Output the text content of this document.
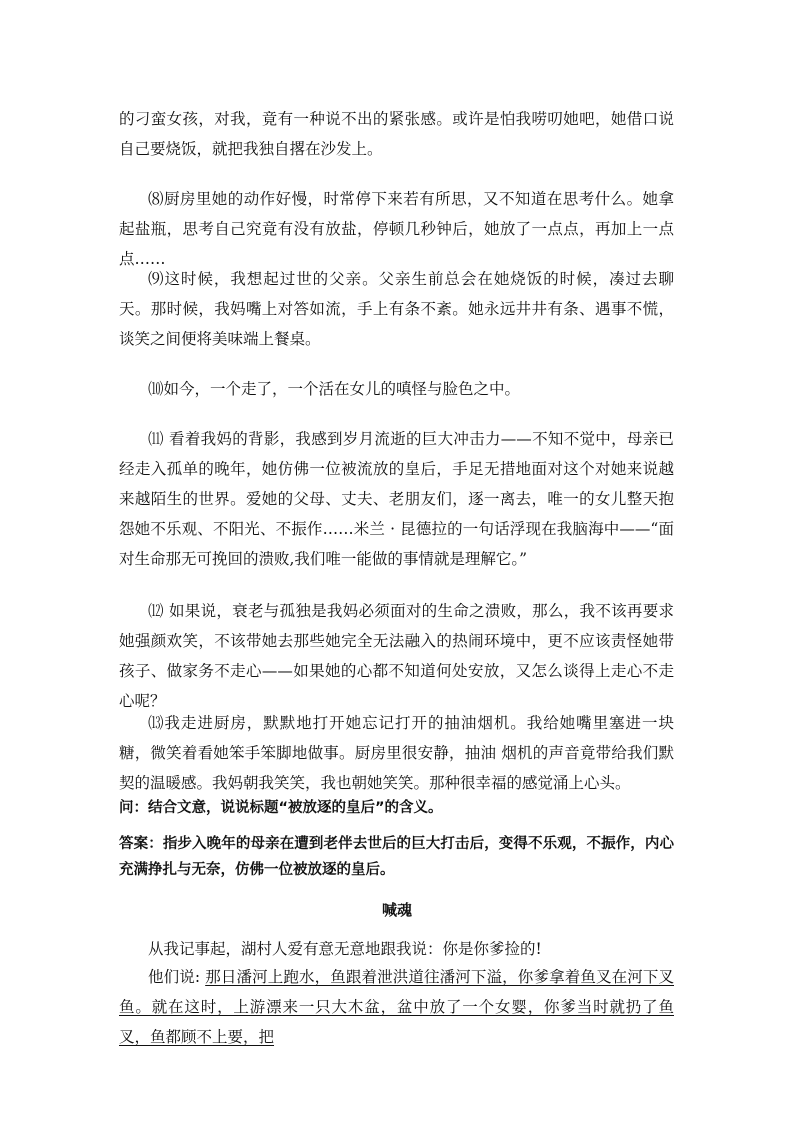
的刁蛮女孩，对我，竟有一种说不出的紧张感。或许是怕我唠叨她吧，她借口说自己要烧饭，就把我独自撂在沙发上。

⑻厨房里她的动作好慢，时常停下来若有所思，又不知道在思考什么。她拿起盐瓶，思考自己究竟有没有放盐，停顿几秒钟后，她放了一点点，再加上一点点……

⑼这时候，我想起过世的父亲。父亲生前总会在她烧饭的时候，凑过去聊天。那时候，我妈嘴上对答如流，手上有条不紊。她永远井井有条、遇事不慌，谈笑之间便将美味端上餐桌。

⑽如今，一个走了，一个活在女儿的嗔怪与脸色之中。

⑾ 看着我妈的背影，我感到岁月流逝的巨大冲击力——不知不觉中，母亲已经走入孤单的晚年，她仿佛一位被流放的皇后，手足无措地面对这个对她来说越来越陌生的世界。爱她的父母、丈夫、老朋友们，逐一离去，唯一的女儿整天抱怨她不乐观、不阳光、不振作……米兰 · 昆德拉的一句话浮现在我脑海中——“面对生命那无可挽回的溃败,我们唯一能做的事情就是理解它。”

⑿ 如果说，衰老与孤独是我妈必须面对的生命之溃败，那么，我不该再要求她强颜欢笑，不该带她去那些她完全无法融入的热闹环境中，更不应该责怪她带孩子、做家务不走心——如果她的心都不知道何处安放，又怎么谈得上走心不走心呢？

⒀我走进厨房，默默地打开她忘记打开的抽油烟机。我给她嘴里塞进一块糖，微笑着看她笨手笨脚地做事。厨房里很安静，抽油 烟机的声音竟带给我们默契的温暖感。我妈朝我笑笑，我也朝她笑笑。那种很幸福的感觉涌上心头。

问：结合文意，说说标题“被放逐的皇后”的含义。

答案：指步入晚年的母亲在遭到老伴去世后的巨大打击后，变得不乐观，不振作，内心充满挣扎与无奈，仿佛一位被放逐的皇后。

喊魂

从我记事起，湖村人爱有意无意地跟我说：你是你爹捡的!

他们说: 那日潘河上跑水，鱼跟着泄洪道往潘河下溢，你爹拿着鱼叉在河下叉鱼。就在这时，上游漂来一只大木盆，盆中放了一个女婴，你爹当时就扔了鱼叉，鱼都顾不上要，把
